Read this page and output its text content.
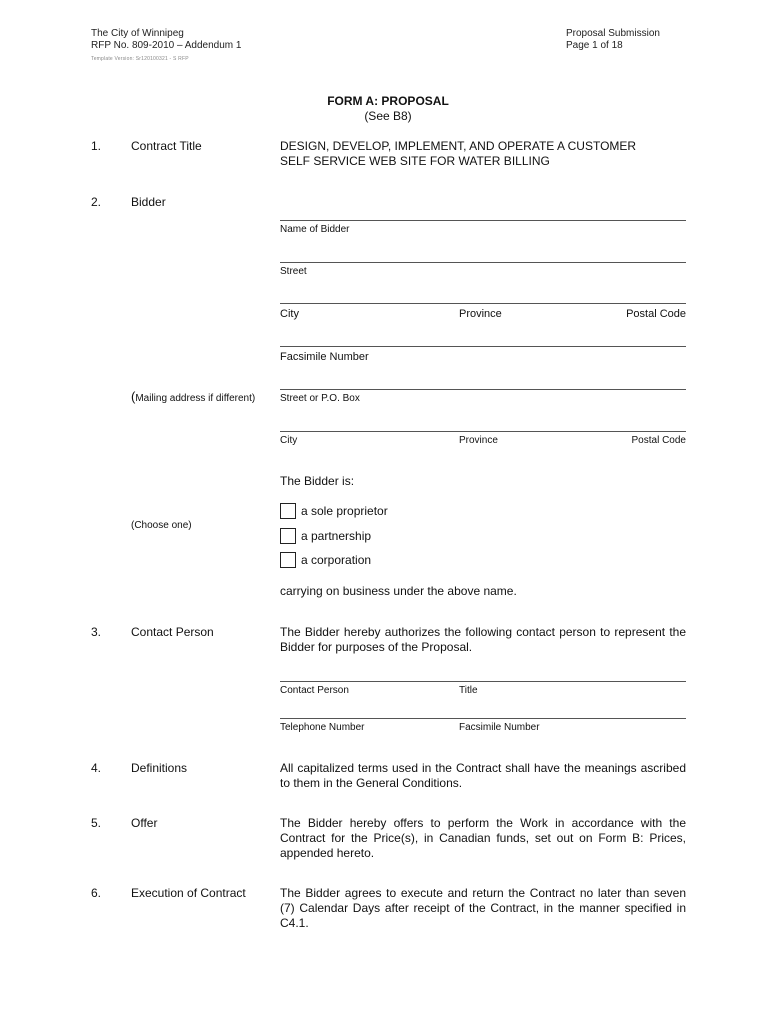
The City of Winnipeg
RFP No. 809-2010 – Addendum 1
Template Version: Sr120100321 - S RFP
Proposal Submission
Page 1 of 18
FORM A: PROPOSAL
(See B8)
1. Contract Title	DESIGN, DEVELOP, IMPLEMENT, AND OPERATE A CUSTOMER
SELF SERVICE WEB SITE FOR WATER BILLING
2. Bidder
Name of Bidder
Street
City	Province	Postal Code
Facsimile Number
(Mailing address if different) Street or P.O. Box
City	Province	Postal Code
The Bidder is:
(Choose one)
a sole proprietor
a partnership
a corporation
carrying on business under the above name.
3. Contact Person	The Bidder hereby authorizes the following contact person to represent the Bidder for purposes of the Proposal.
Contact Person	Title
Telephone Number	Facsimile Number
4. Definitions	All capitalized terms used in the Contract shall have the meanings ascribed to them in the General Conditions.
5. Offer	The Bidder hereby offers to perform the Work in accordance with the Contract for the Price(s), in Canadian funds, set out on Form B: Prices, appended hereto.
6. Execution of Contract	The Bidder agrees to execute and return the Contract no later than seven (7) Calendar Days after receipt of the Contract, in the manner specified in C4.1.
